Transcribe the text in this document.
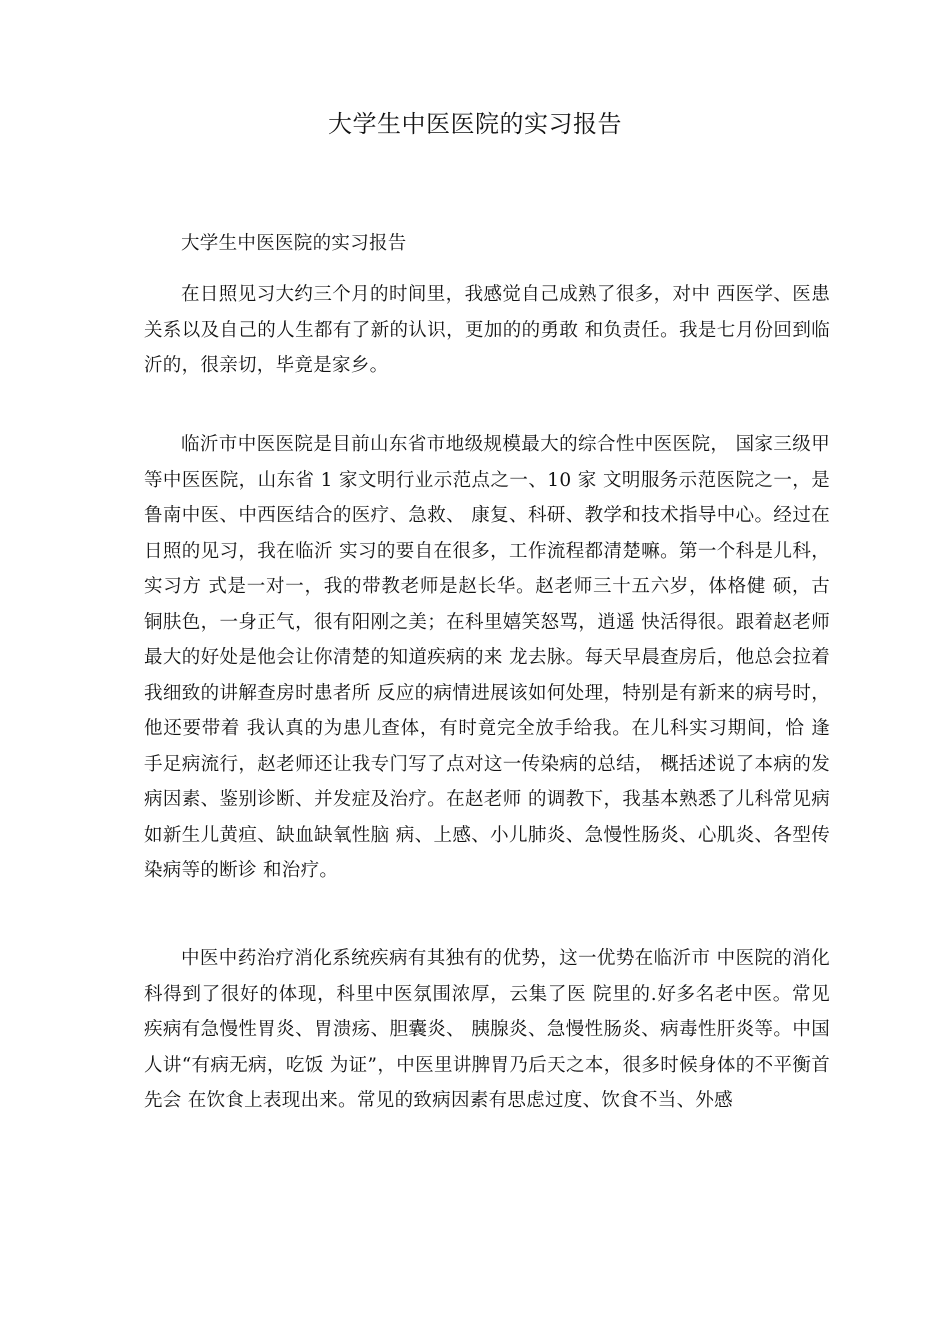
大学生中医医院的实习报告

大学生中医医院的实习报告

在日照见习大约三个月的时间里，我感觉自己成熟了很多，对中 西医学、医患关系以及自己的人生都有了新的认识，更加的的勇敢 和负责任。我是七月份回到临沂的，很亲切，毕竟是家乡。

临沂市中医医院是目前山东省市地级规模最大的综合性中医医院， 国家三级甲等中医医院，山东省 1 家文明行业示范点之一、10 家 文明服务示范医院之一，是鲁南中医、中西医结合的医疗、急救、 康复、科研、教学和技术指导中心。经过在日照的见习，我在临沂 实习的要自在很多，工作流程都清楚嘛。第一个科是儿科，实习方 式是一对一，我的带教老师是赵长华。赵老师三十五六岁，体格健 硕，古铜肤色，一身正气，很有阳刚之美；在科里嬉笑怒骂，逍遥 快活得很。跟着赵老师最大的好处是他会让你清楚的知道疾病的来 龙去脉。每天早晨查房后，他总会拉着我细致的讲解查房时患者所 反应的病情进展该如何处理，特别是有新来的病号时，他还要带着 我认真的为患儿查体，有时竟完全放手给我。在儿科实习期间，恰 逢手足病流行，赵老师还让我专门写了点对这一传染病的总结， 概括述说了本病的发病因素、鉴别诊断、并发症及治疗。在赵老师 的调教下，我基本熟悉了儿科常见病如新生儿黄疸、缺血缺氧性脑 病、上感、小儿肺炎、急慢性肠炎、心肌炎、各型传染病等的断诊 和治疗。

中医中药治疗消化系统疾病有其独有的优势，这一优势在临沂市 中医院的消化科得到了很好的体现，科里中医氛围浓厚，云集了医 院里的.好多名老中医。常见疾病有急慢性胃炎、胃溃疡、胆囊炎、 胰腺炎、急慢性肠炎、病毒性肝炎等。中国人讲“有病无病，吃饭 为证”，中医里讲脾胃乃后天之本，很多时候身体的不平衡首先会 在饮食上表现出来。常见的致病因素有思虑过度、饮食不当、外感
